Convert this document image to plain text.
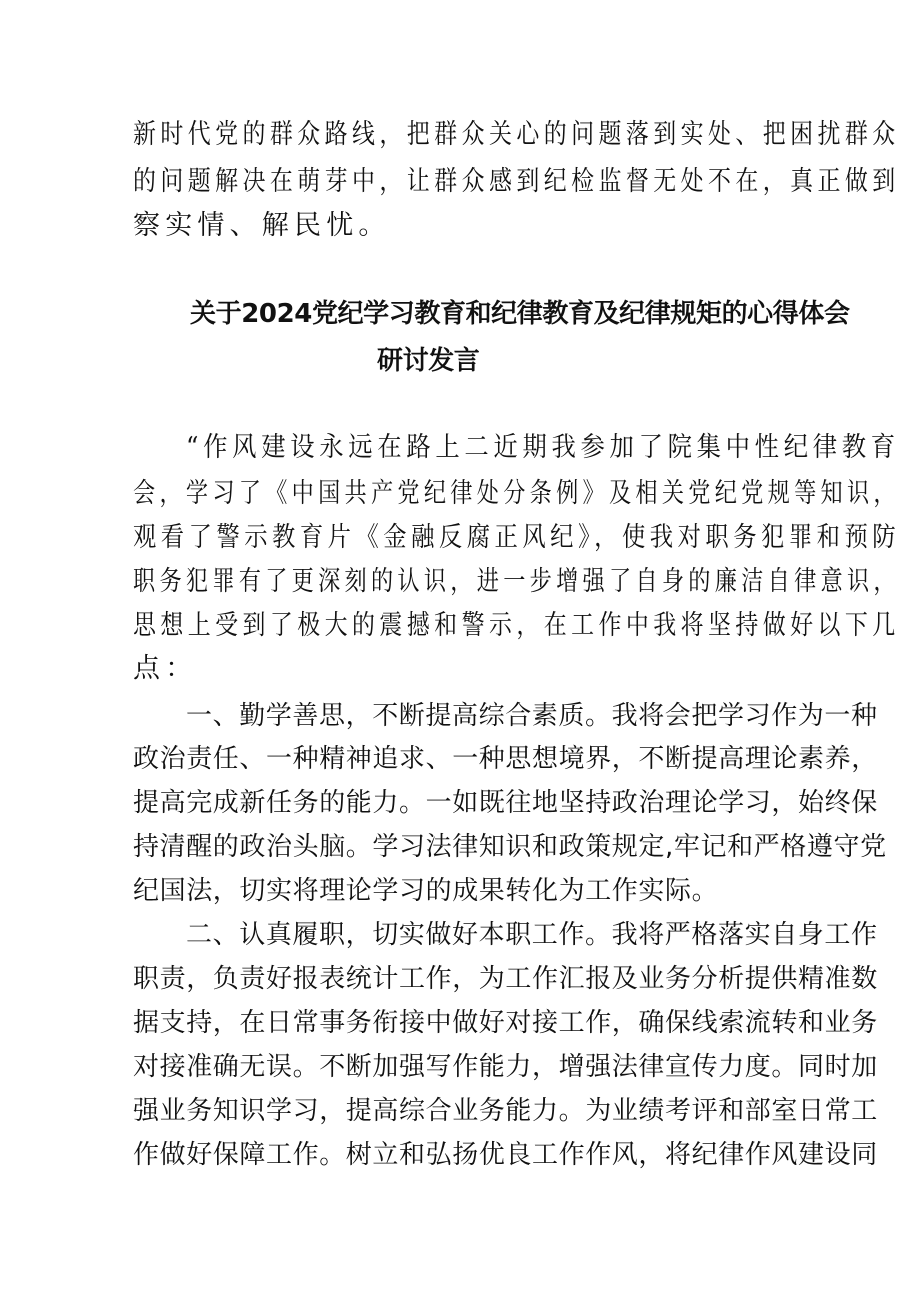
新时代党的群众路线，把群众关心的问题落到实处、把困扰群众
的问题解决在萌芽中，让群众感到纪检监督无处不在，真正做到
察实情、解民忧。
关于2024党纪学习教育和纪律教育及纪律规矩的心得体会
研讨发言
“作风建设永远在路上二近期我参加了院集中性纪律教育
会，学习了《中国共产党纪律处分条例》及相关党纪党规等知识，
观看了警示教育片《金融反腐正风纪》，使我对职务犯罪和预防
职务犯罪有了更深刻的认识，进一步增强了自身的廉洁自律意识，
思想上受到了极大的震撼和警示，在工作中我将坚持做好以下几
点：
一、勤学善思，不断提高综合素质。我将会把学习作为一种
政治责任、一种精神追求、一种思想境界，不断提高理论素养，
提高完成新任务的能力。一如既往地坚持政治理论学习，始终保
持清醒的政治头脑。学习法律知识和政策规定,牢记和严格遵守党
纪国法，切实将理论学习的成果转化为工作实际。
二、认真履职，切实做好本职工作。我将严格落实自身工作
职责，负责好报表统计工作，为工作汇报及业务分析提供精准数
据支持，在日常事务衔接中做好对接工作，确保线索流转和业务
对接准确无误。不断加强写作能力，增强法律宣传力度。同时加
强业务知识学习，提高综合业务能力。为业绩考评和部室日常工
作做好保障工作。树立和弘扬优良工作作风，将纪律作风建设同
